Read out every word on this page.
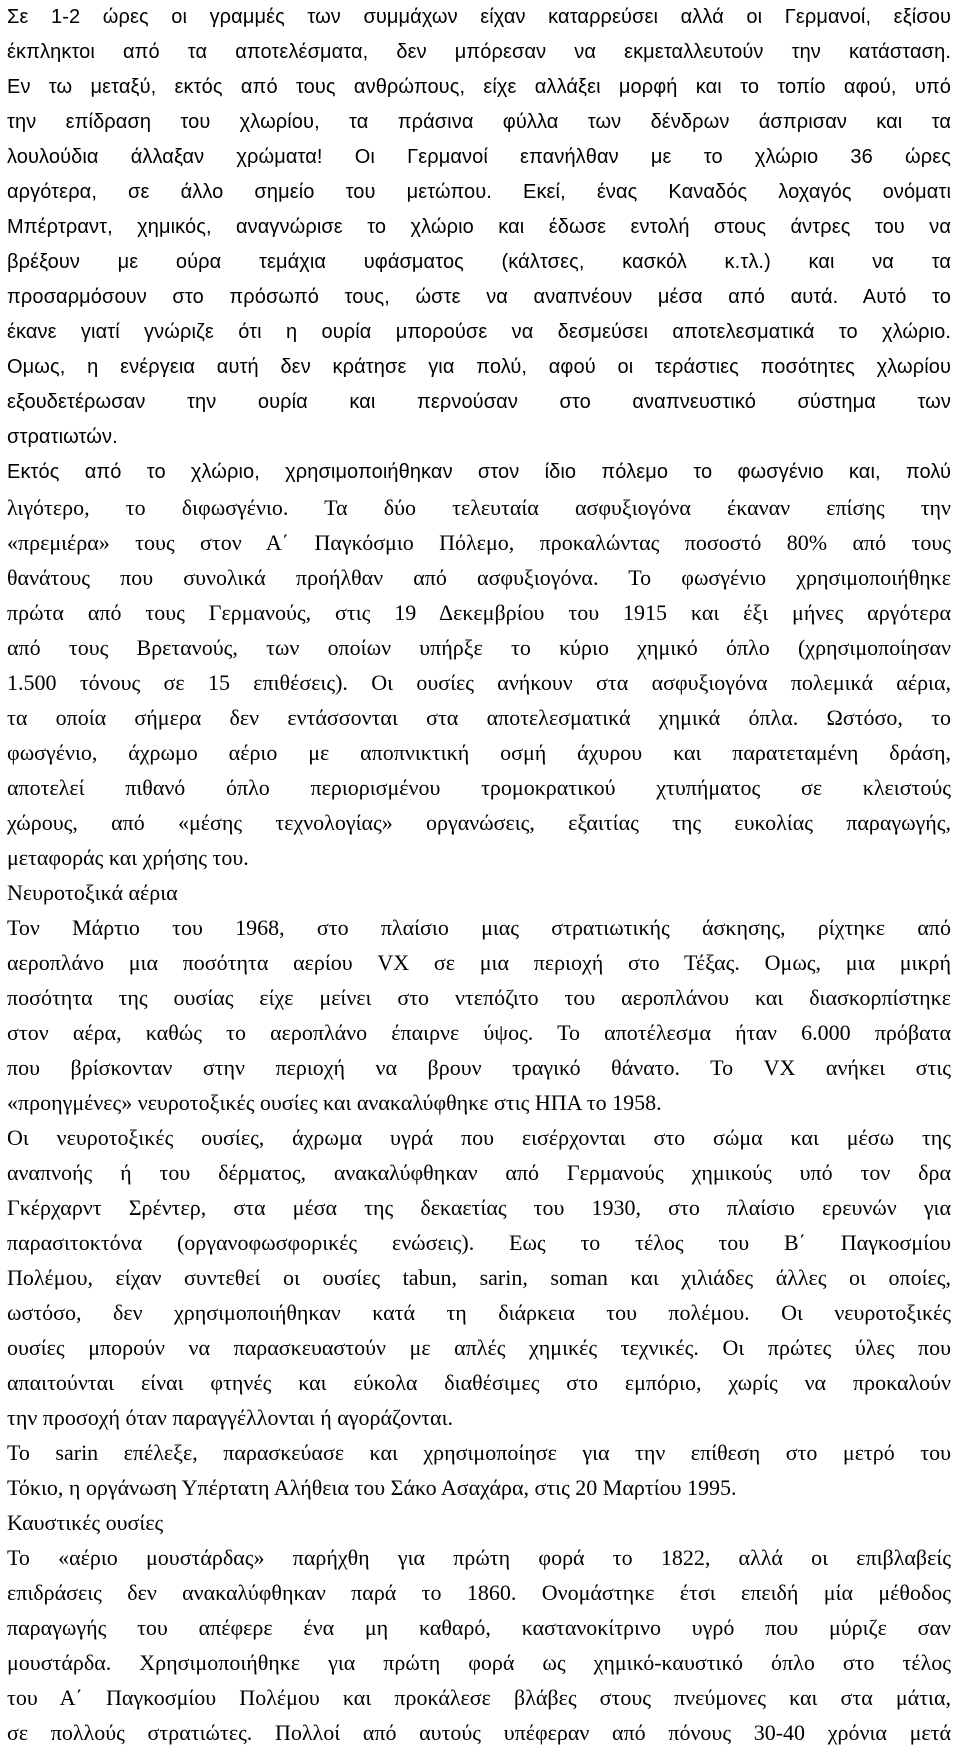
Σε 1-2 ώρες οι γραμμές των συμμάχων είχαν καταρρεύσει αλλά οι Γερμανοί, εξίσου
έκπληκτοι από τα αποτελέσματα, δεν μπόρεσαν να εκμεταλλευτούν την κατάσταση.
Εν τω μεταξύ, εκτός από τους ανθρώπους, είχε αλλάξει μορφή και το τοπίο αφού, υπό
την επίδραση του χλωρίου, τα πράσινα φύλλα των δένδρων άσπρισαν και τα
λουλούδια άλλαξαν χρώματα! Οι Γερμανοί επανήλθαν με το χλώριο 36 ώρες
αργότερα, σε άλλο σημείο του μετώπου. Εκεί, ένας Καναδός λοχαγός ονόματι
Μπέρτραντ, χημικός, αναγνώρισε το χλώριο και έδωσε εντολή στους άντρες του να
βρέξουν με ούρα τεμάχια υφάσματος (κάλτσες, κασκόλ κ.τλ.) και να τα
προσαρμόσουν στο πρόσωπό τους, ώστε να αναπνέουν μέσα από αυτά. Αυτό το
έκανε γιατί γνώριζε ότι η ουρία μπορούσε να δεσμεύσει αποτελεσματικά το χλώριο.
Ομως, η ενέργεια αυτή δεν κράτησε για πολύ, αφού οι τεράστιες ποσότητες χλωρίου
εξουδετέρωσαν την ουρία και περνούσαν στο αναπνευστικό σύστημα των
στρατιωτών.
Εκτός από το χλώριο, χρησιμοποιήθηκαν στον ίδιο πόλεμο το φωσγένιο και, πολύ
λιγότερο, το διφωσγένιο. Τα δύο τελευταία ασφυξιογόνα έκαναν επίσης την
«πρεμιέρα» τους στον Α΄ Παγκόσμιο Πόλεμο, προκαλώντας ποσοστό 80% από τους
θανάτους που συνολικά προήλθαν από ασφυξιογόνα. Το φωσγένιο χρησιμοποιήθηκε
πρώτα από τους Γερμανούς, στις 19 Δεκεμβρίου του 1915 και έξι μήνες αργότερα
από τους Βρετανούς, των οποίων υπήρξε το κύριο χημικό όπλο (χρησιμοποίησαν
1.500 τόνους σε 15 επιθέσεις). Οι ουσίες ανήκουν στα ασφυξιογόνα πολεμικά αέρια,
τα οποία σήμερα δεν εντάσσονται στα αποτελεσματικά χημικά όπλα. Ωστόσο, το
φωσγένιο, άχρωμο αέριο με αποπνικτική οσμή άχυρου και παρατεταμένη δράση,
αποτελεί πιθανό όπλο περιορισμένου τρομοκρατικού χτυπήματος σε κλειστούς
χώρους, από «μέσης τεχνολογίας» οργανώσεις, εξαιτίας της ευκολίας παραγωγής,
μεταφοράς και χρήσης του.
Νευροτοξικά αέρια
Τον Μάρτιο του 1968, στο πλαίσιο μιας στρατιωτικής άσκησης, ρίχτηκε από
αεροπλάνο μια ποσότητα αερίου VX σε μια περιοχή στο Τέξας. Ομως, μια μικρή
ποσότητα της ουσίας είχε μείνει στο ντεπόζιτο του αεροπλάνου και διασκορπίστηκε
στον αέρα, καθώς το αεροπλάνο έπαιρνε ύψος. Το αποτέλεσμα ήταν 6.000 πρόβατα
που βρίσκονταν στην περιοχή να βρουν τραγικό θάνατο. Το VX ανήκει στις
«προηγμένες» νευροτοξικές ουσίες και ανακαλύφθηκε στις ΗΠΑ το 1958.
Οι νευροτοξικές ουσίες, άχρωμα υγρά που εισέρχονται στο σώμα και μέσω της
αναπνοής ή του δέρματος, ανακαλύφθηκαν από Γερμανούς χημικούς υπό τον δρα
Γκέρχαρντ Σρέντερ, στα μέσα της δεκαετίας του 1930, στο πλαίσιο ερευνών για
παρασιτοκτόνα (οργανοφωσφορικές ενώσεις). Εως το τέλος του Β΄ Παγκοσμίου
Πολέμου, είχαν συντεθεί οι ουσίες tabun, sarin, soman και χιλιάδες άλλες οι οποίες,
ωστόσο, δεν χρησιμοποιήθηκαν κατά τη διάρκεια του πολέμου. Οι νευροτοξικές
ουσίες μπορούν να παρασκευαστούν με απλές χημικές τεχνικές. Οι πρώτες ύλες που
απαιτούνται είναι φτηνές και εύκολα διαθέσιμες στο εμπόριο, χωρίς να προκαλούν
την προσοχή όταν παραγγέλλονται ή αγοράζονται.
Το sarin επέλεξε, παρασκεύασε και χρησιμοποίησε για την επίθεση στο μετρό του
Τόκιο, η οργάνωση Υπέρτατη Αλήθεια του Σάκο Ασαχάρα, στις 20 Μαρτίου 1995.
Καυστικές ουσίες
Το «αέριο μουστάρδας» παρήχθη για πρώτη φορά το 1822, αλλά οι επιβλαβείς
επιδράσεις δεν ανακαλύφθηκαν παρά το 1860. Ονομάστηκε έτσι επειδή μία μέθοδος
παραγωγής του απέφερε ένα μη καθαρό, καστανοκίτρινο υγρό που μύριζε σαν
μουστάρδα. Χρησιμοποιήθηκε για πρώτη φορά ως χημικό-καυστικό όπλο στο τέλος
του Α΄ Παγκοσμίου Πολέμου και προκάλεσε βλάβες στους πνεύμονες και στα μάτια,
σε πολλούς στρατιώτες. Πολλοί από αυτούς υπέφεραν από πόνους 30-40 χρόνια μετά
